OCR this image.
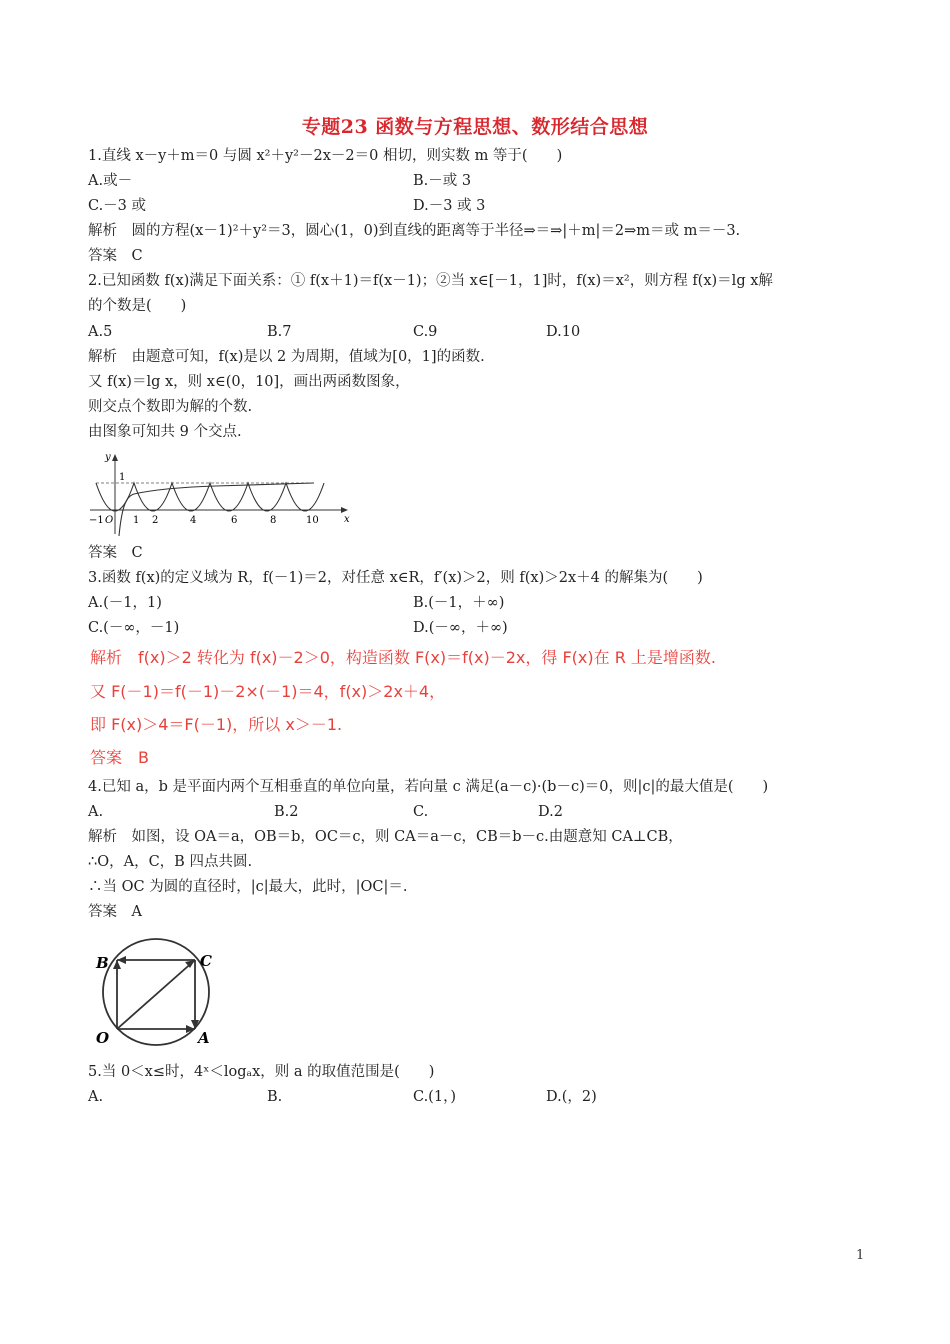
专题23 函数与方程思想、数形结合思想
1.直线 x－y＋m＝0 与圆 x²＋y²－2x－2＝0 相切，则实数 m 等于(　　)
A.或－	B.－或 3
C.－3 或	D.－3 或 3
解析　圆的方程(x－1)²＋y²＝3，圆心(1，0)到直线的距离等于半径⇒＝⇒|＋m|＝2⇒m＝或 m＝－3.
答案　C
2.已知函数 f(x)满足下面关系：① f(x＋1)＝f(x－1)；②当 x∈[－1，1]时，f(x)＝x²，则方程 f(x)＝lg x解
的个数是(　　)
A.5	B.7	C.9	D.10
解析　由题意可知，f(x)是以 2 为周期，值域为[0，1]的函数.
又 f(x)＝lg x，则 x∈(0，10]，画出两函数图象，
则交点个数即为解的个数.
由图象可知共 9 个交点.
y
x
1
O
−1	1 2	4	6	8	10
答案　C
3.函数 f(x)的定义域为 R，f(－1)＝2，对任意 x∈R，f′(x)＞2，则 f(x)＞2x＋4 的解集为(　　)
A.(－1，1)	B.(－1，＋∞)
C.(－∞，－1)	D.(－∞，＋∞)
解析　f(x)＞2 转化为 f(x)－2＞0，构造函数 F(x)＝f(x)－2x，得 F(x)在 R 上是增函数.
又 F(－1)＝f(－1)－2×(－1)＝4，f(x)＞2x＋4，
即 F(x)＞4＝F(－1)，所以 x＞－1.
答案　B
4.已知 a，b 是平面内两个互相垂直的单位向量，若向量 c 满足(a－c)·(b－c)＝0，则|c|的最大值是(　　)
A.	B.2	C.	D.2
解析　如图，设 OA＝a，OB＝b，OC＝c，则 CA＝a－c，CB＝b－c.由题意知 CA⊥CB，
∴O，A，C，B 四点共圆.
∴当 OC 为圆的直径时，|c|最大，此时，|OC|＝.
答案　A
B	C
O	A
5.当 0＜x≤时，4ˣ＜logₐx，则 a 的取值范围是(　　)
A.	B.	C.(1，)	D.(，2)
1
